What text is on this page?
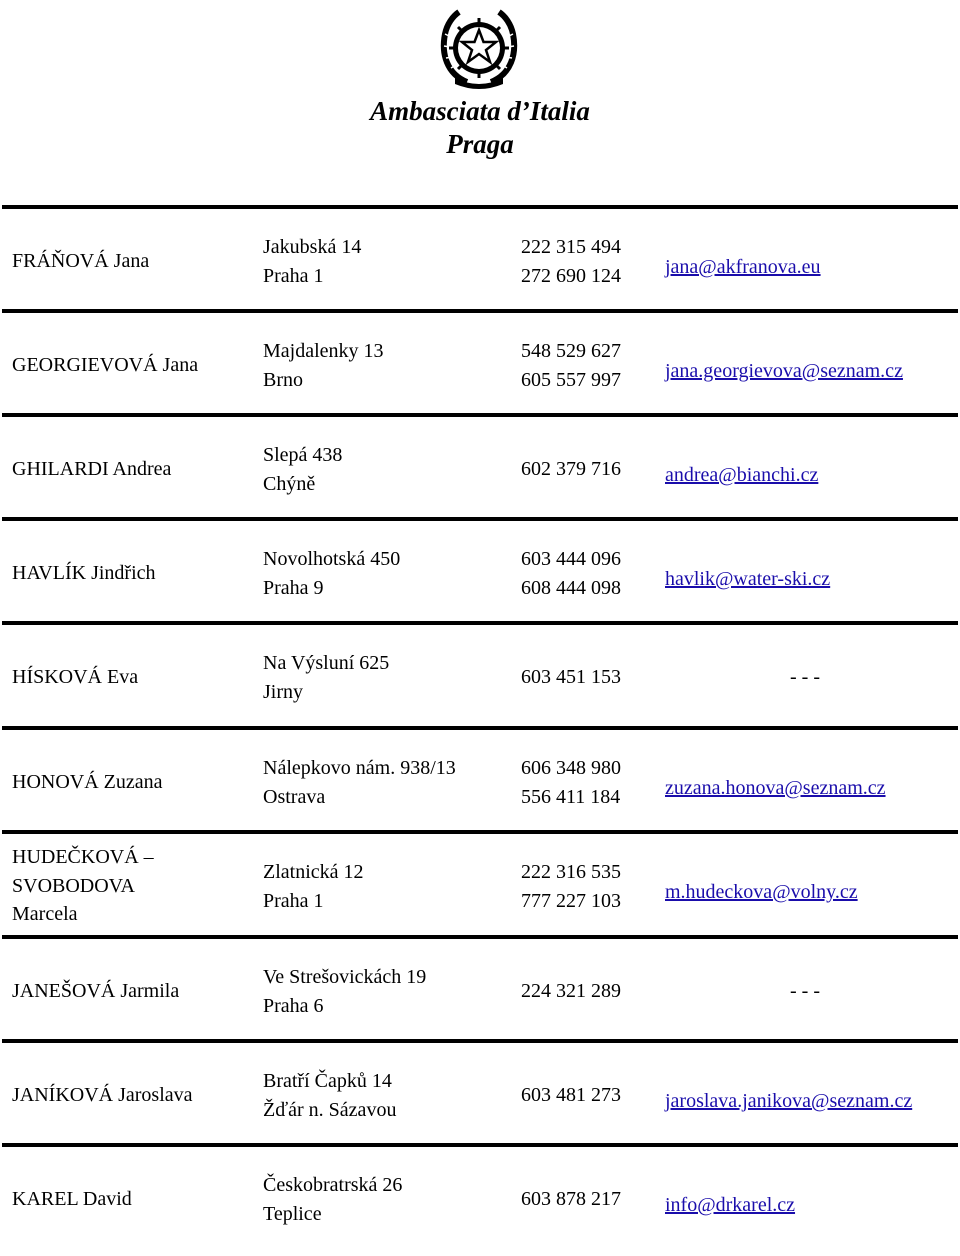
Ambasciata d’Italia
Praga
FRÁŇOVÁ Jana
Jakubská 14
Praha 1
222 315 494
272 690 124 jana@akfranova.eu
GEORGIEVOVÁ Jana
Majdalenky 13
Brno
548 529 627
605 557 997 jana.georgievova@seznam.cz
GHILARDI Andrea
Slepá 438
Chýně
602 379 716 andrea@bianchi.cz
HAVLÍK Jindřich
Novolhotská 450
Praha 9
603 444 096
608 444 098 havlik@water-ski.cz
HÍSKOVÁ Eva
Na Výsluní 625
Jirny
603 451 153	- - -
HONOVÁ Zuzana
Nálepkovo nám. 938/13
Ostrava
606 348 980
556 411 184 zuzana.honova@seznam.cz
HUDEČKOVÁ –
SVOBODOVA
Marcela
Zlatnická 12
Praha 1
222 316 535
777 227 103 m.hudeckova@volny.cz
JANEŠOVÁ Jarmila
Ve Strešovickách 19
Praha 6
224 321 289	- - -
JANÍKOVÁ Jaroslava
Bratří Čapků 14
Žďár n. Sázavou
603 481 273 jaroslava.janikova@seznam.cz
KAREL David
Českobratrská 26
Teplice
603 878 217 info@drkarel.cz
